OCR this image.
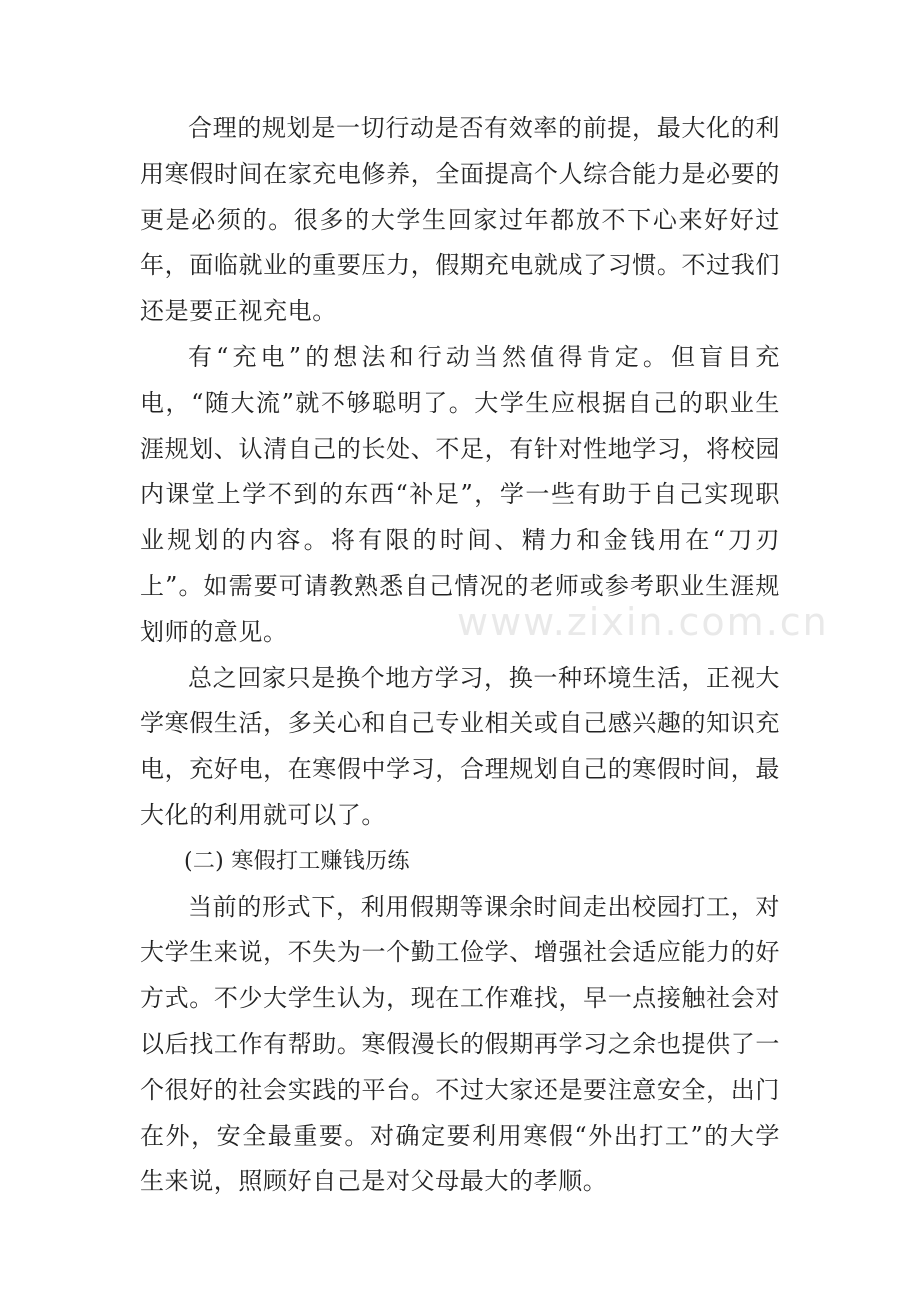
合理的规划是一切行动是否有效率的前提，最大化的利用寒假时间在家充电修养，全面提高个人综合能力是必要的更是必须的。很多的大学生回家过年都放不下心来好好过年，面临就业的重要压力，假期充电就成了习惯。不过我们还是要正视充电。

有“充电”的想法和行动当然值得肯定。但盲目充电，“随大流”就不够聪明了。大学生应根据自己的职业生涯规划、认清自己的长处、不足，有针对性地学习，将校园内课堂上学不到的东西“补足”，学一些有助于自己实现职业规划的内容。将有限的时间、精力和金钱用在“刀刃上”。如需要可请教熟悉自己情况的老师或参考职业生涯规划师的意见。

总之回家只是换个地方学习，换一种环境生活，正视大学寒假生活，多关心和自己专业相关或自己感兴趣的知识充电，充好电，在寒假中学习，合理规划自己的寒假时间，最大化的利用就可以了。

(二) 寒假打工赚钱历练

当前的形式下，利用假期等课余时间走出校园打工，对大学生来说，不失为一个勤工俭学、增强社会适应能力的好方式。不少大学生认为，现在工作难找，早一点接触社会对以后找工作有帮助。寒假漫长的假期再学习之余也提供了一个很好的社会实践的平台。不过大家还是要注意安全，出门在外，安全最重要。对确定要利用寒假“外出打工”的大学生来说，照顾好自己是对父母最大的孝顺。

www.zixin.com.cn
